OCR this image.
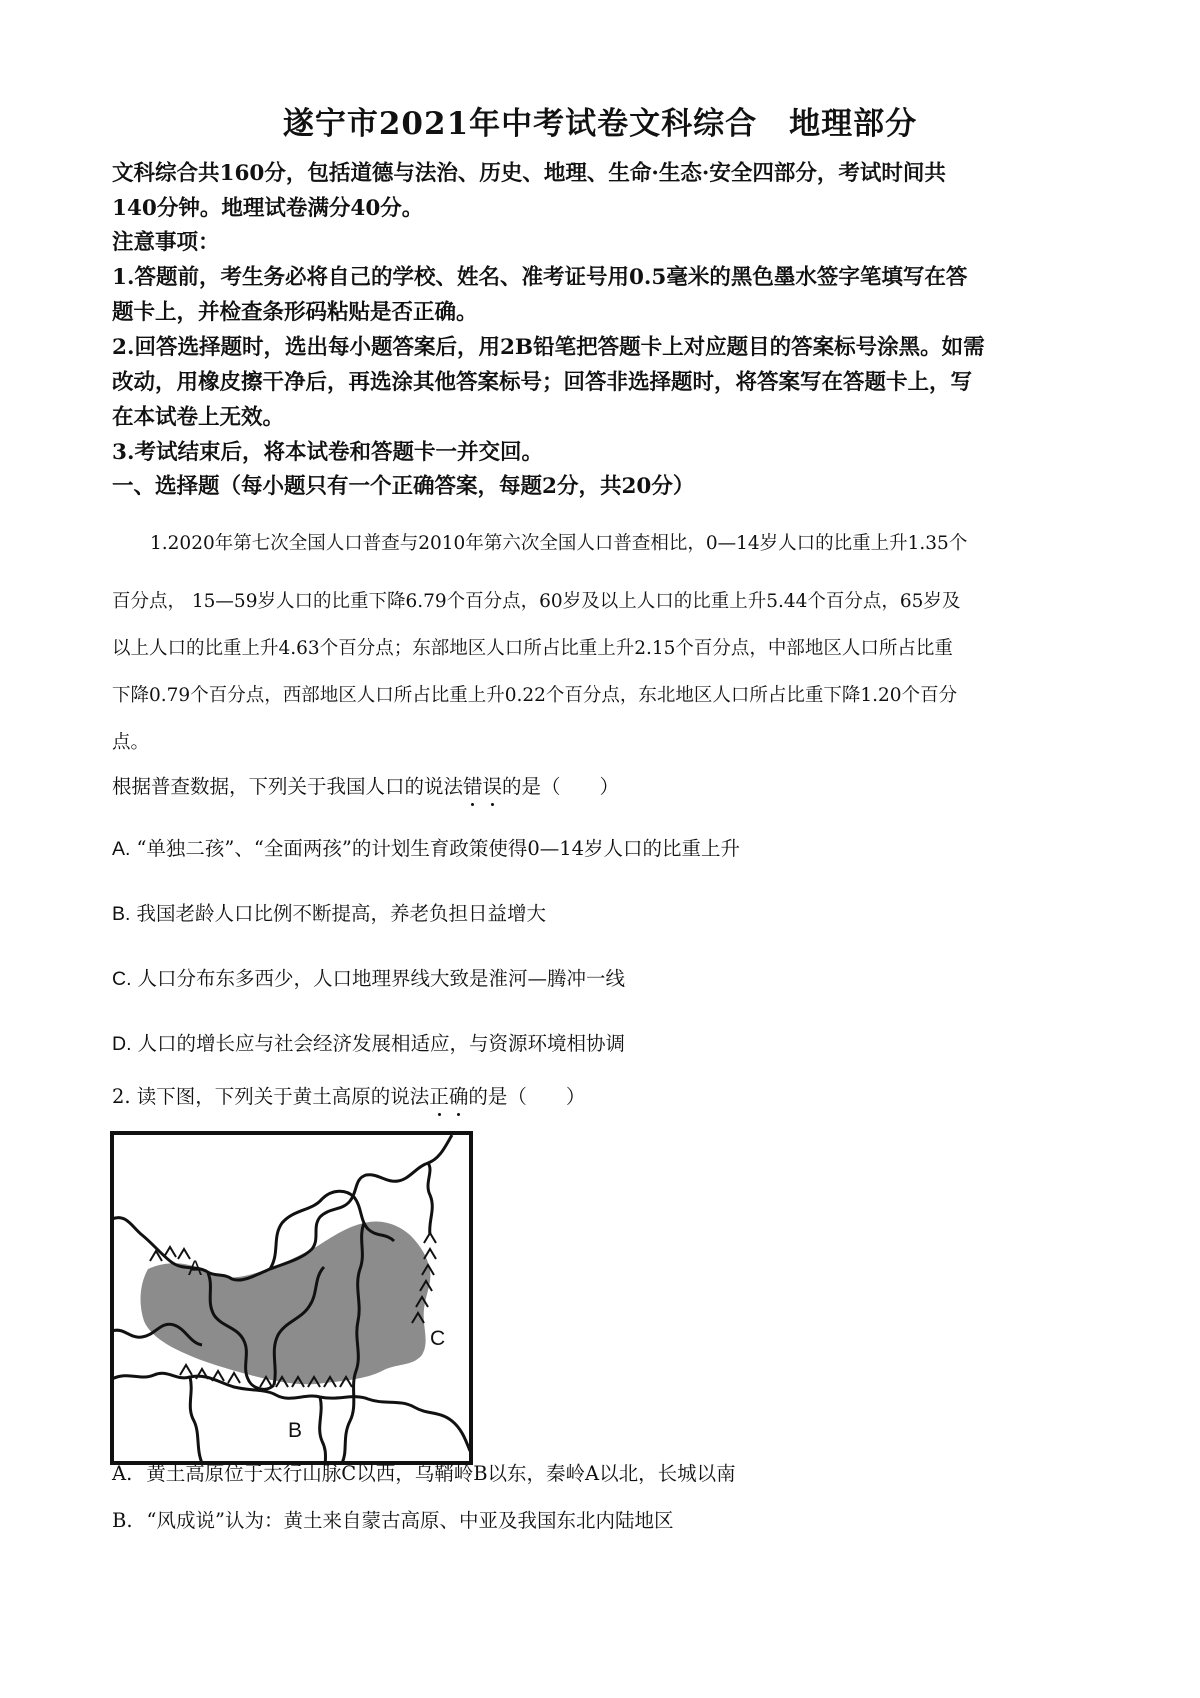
遂宁市2021年中考试卷文科综合　地理部分
文科综合共160分，包括道德与法治、历史、地理、生命·生态·安全四部分，考试时间共
140分钟。地理试卷满分40分。
注意事项：
1.答题前，考生务必将自己的学校、姓名、准考证号用0.5毫米的黑色墨水签字笔填写在答
题卡上，并检查条形码粘贴是否正确。
2.回答选择题时，选出每小题答案后，用2B铅笔把答题卡上对应题目的答案标号涂黑。如需
改动，用橡皮擦干净后，再选涂其他答案标号；回答非选择题时，将答案写在答题卡上，写
在本试卷上无效。
3.考试结束后，将本试卷和答题卡一并交回。
一、选择题（每小题只有一个正确答案，每题2分，共20分）
1.2020年第七次全国人口普查与2010年第六次全国人口普查相比，0—14岁人口的比重上升1.35个
百分点， 15—59岁人口的比重下降6.79个百分点，60岁及以上人口的比重上升5.44个百分点，65岁及
以上人口的比重上升4.63个百分点；东部地区人口所占比重上升2.15个百分点，中部地区人口所占比重
下降0.79个百分点，西部地区人口所占比重上升0.22个百分点，东北地区人口所占比重下降1.20个百分
点。
根据普查数据，下列关于我国人口的说法错误
的是（　　）
A. “单独二孩”、“全面两孩”的计划生育政策使得0—14岁人口的比重上升
B. 我国老龄人口比例不断提高，养老负担日益增大
C. 人口分布东多西少，人口地理界线大致是淮河—腾冲一线
D. 人口的增长应与社会经济发展相适应，与资源环境相协调
2. 读下图，下列关于黄土高原的说法正确
的是（　　）
A
B
C
A. 黄土高原位于太行山脉C以西，乌鞘岭B以东，秦岭A以北，长城以南
B. “风成说”认为：黄土来自蒙古高原、中亚及我国东北内陆地区
